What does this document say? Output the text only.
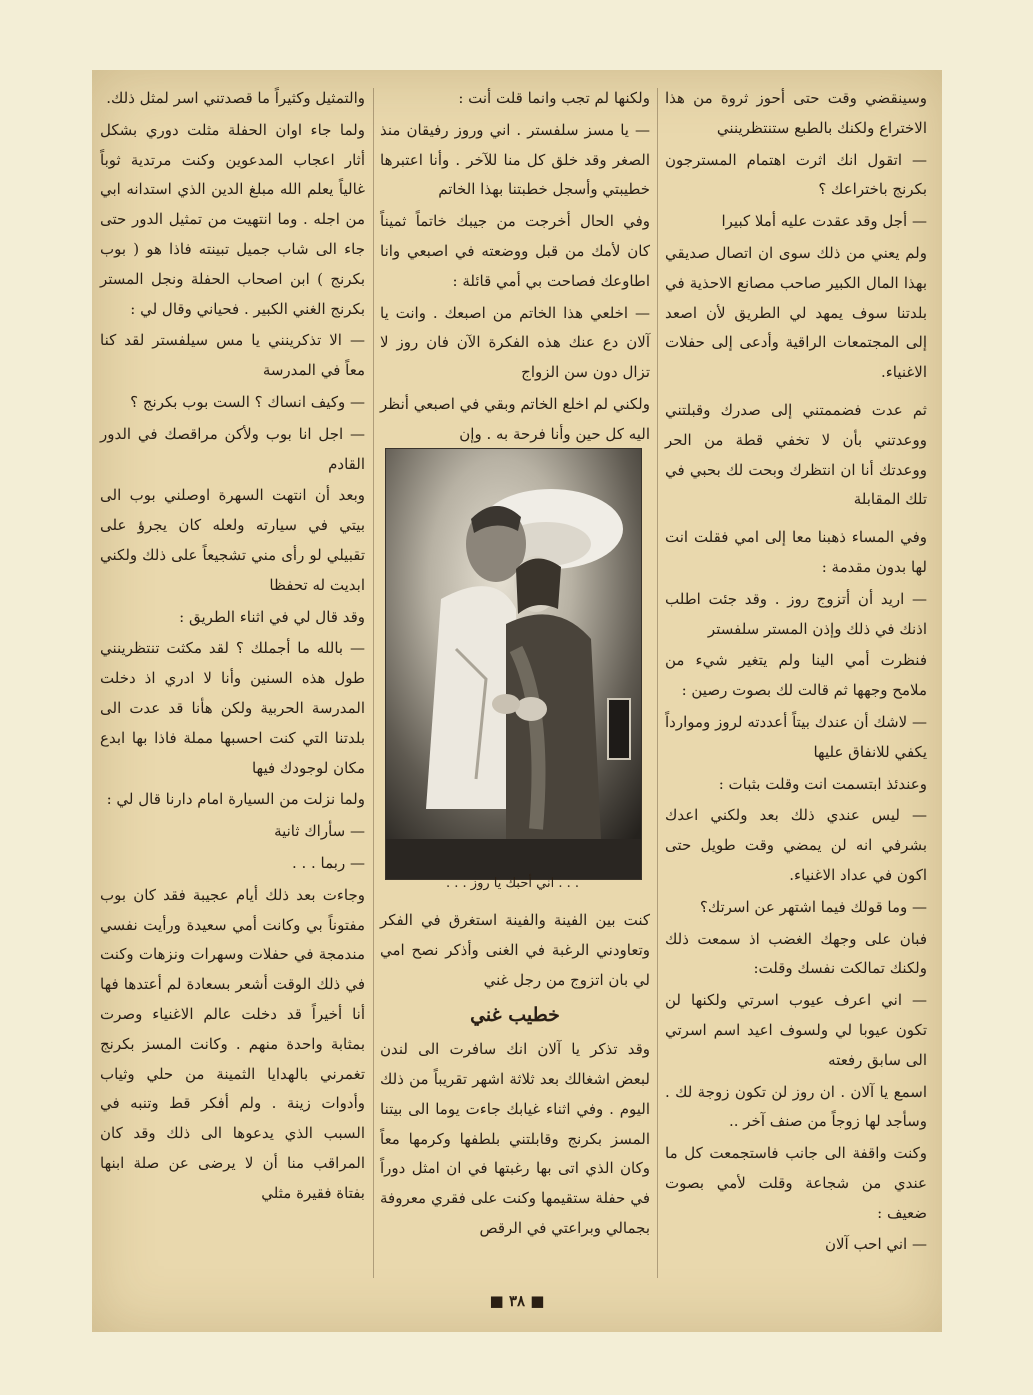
وسينقضي وقت حتى أحوز ثروة من هذا الاختراع ولكنك بالطبع ستنتظرينني

— اتقول انك اثرت اهتمام المسترجون بكرنج باختراعك ؟

— أجل وقد عقدت عليه أملا كبيرا

ولم يعني من ذلك سوى ان اتصال صديقي بهذا المال الكبير صاحب مصانع الاحذية في بلدتنا سوف يمهد لي الطريق لأن اصعد إلى المجتمعات الراقية وأدعى إلى حفلات الاغنياء.

ثم عدت فضممتني إلى صدرك وقبلتني ووعدتني بأن لا تخفي قطة من الحر ووعدتك أنا ان انتظرك وبحت لك بحبي في تلك المقابلة

وفي المساء ذهبنا معا إلى امي فقلت انت لها بدون مقدمة :

— اريد أن أتزوج روز . وقد جئت اطلب اذنك في ذلك وإذن المستر سلفستر

فنظرت أمي الينا ولم يتغير شيء من ملامح وجهها ثم قالت لك بصوت رصين :

— لاشك أن عندك بيتاً أعددته لروز وموارداً يكفي للانفاق عليها

وعندئذ ابتسمت انت وقلت بثبات :

— ليس عندي ذلك بعد ولكني اعدك بشرفي انه لن يمضي وقت طويل حتى اكون في عداد الاغنياء.

— وما قولك فيما اشتهر عن اسرتك؟

فبان على وجهك الغضب اذ سمعت ذلك ولكنك تمالكت نفسك وقلت:

— اني اعرف عيوب اسرتي ولكنها لن تكون عيوبا لي ولسوف اعيد اسم اسرتي الى سابق رفعته

اسمع يا آلان . ان روز لن تكون زوجة لك . وسأجد لها زوجاً من صنف آخر ..

وكنت واقفة الى جانب فاستجمعت كل ما عندي من شجاعة وقلت لأمي بصوت ضعيف :

— اني احب آلان

ولكنها لم تجب وانما قلت أنت :

— يا مسز سلفستر . اني وروز رفيقان منذ الصغر وقد خلق كل منا للآخر . وأنا اعتبرها خطيبتي وأسجل خطبتنا بهذا الخاتم

وفي الحال أخرجت من جيبك خاتماً ثميناً كان لأمك من قبل ووضعته في اصبعي وانا اطاوعك فصاحت بي أمي قائلة :

— اخلعي هذا الخاتم من اصبعك . وانت يا آلان دع عنك هذه الفكرة الآن فان روز لا تزال دون سن الزواج

ولكني لم اخلع الخاتم وبقي في اصبعي أنظر اليه كل حين وأنا فرحة به . وإن

. . . اني أحبك يا روز . . .

كنت بين الفينة والفينة استغرق في الفكر وتعاودني الرغبة في الغنى وأذكر نصح امي لي بان اتزوج من رجل غني

خطيب غني

وقد تذكر يا آلان انك سافرت الى لندن لبعض اشغالك بعد ثلاثة اشهر تقريباً من ذلك اليوم . وفي اثناء غيابك جاءت يوما الى بيتنا المسز بكرنج وقابلتني بلطفها وكرمها معاً وكان الذي اتى بها رغبتها في ان امثل دوراً في حفلة ستقيمها وكنت على فقري معروفة بجمالي وبراعتي في الرقص

والتمثيل وكثيراً ما قصدتني اسر لمثل ذلك.

ولما جاء اوان الحفلة مثلت دوري بشكل أثار اعجاب المدعوين وكنت مرتدية ثوباً غالياً يعلم الله مبلغ الدين الذي استدانه ابي من اجله . وما انتهيت من تمثيل الدور حتى جاء الى شاب جميل تبينته فاذا هو ( بوب بكرنج ) ابن اصحاب الحفلة ونجل المستر بكرنج الغني الكبير . فحياني وقال لي :

— الا تذكرينني يا مس سيلفستر لقد كنا معاً في المدرسة

— وكيف انساك ؟ الست بوب بكرنج ؟

— اجل انا بوب ولأكن مراقصك في الدور القادم

وبعد أن انتهت السهرة اوصلني بوب الى بيتي في سيارته ولعله كان يجرؤ على تقبيلي لو رأى مني تشجيعاً على ذلك ولكني ابديت له تحفظا

وقد قال لي في اثناء الطريق :

— بالله ما أجملك ؟ لقد مكثت تنتظرينني طول هذه السنين وأنا لا ادري اذ دخلت المدرسة الحربية ولكن هأنا قد عدت الى بلدتنا التي كنت احسبها مملة فاذا بها ابدع مكان لوجودك فيها

ولما نزلت من السيارة امام دارنا قال لي :

— سأراك ثانية

— ربما . . .

وجاءت بعد ذلك أيام عجيبة فقد كان بوب مفتوناً بي وكانت أمي سعيدة ورأيت نفسي مندمجة في حفلات وسهرات ونزهات وكنت في ذلك الوقت أشعر بسعادة لم أعتدها فها أنا أخيراً قد دخلت عالم الاغنياء وصرت بمثابة واحدة منهم . وكانت المسز بكرنج تغمرني بالهدايا الثمينة من حلي وثياب وأدوات زينة . ولم أفكر قط وتنبه في السبب الذي يدعوها الى ذلك وقد كان المراقب منا أن لا يرضى عن صلة ابنها بفتاة فقيرة مثلي

■ ٣٨ ■
